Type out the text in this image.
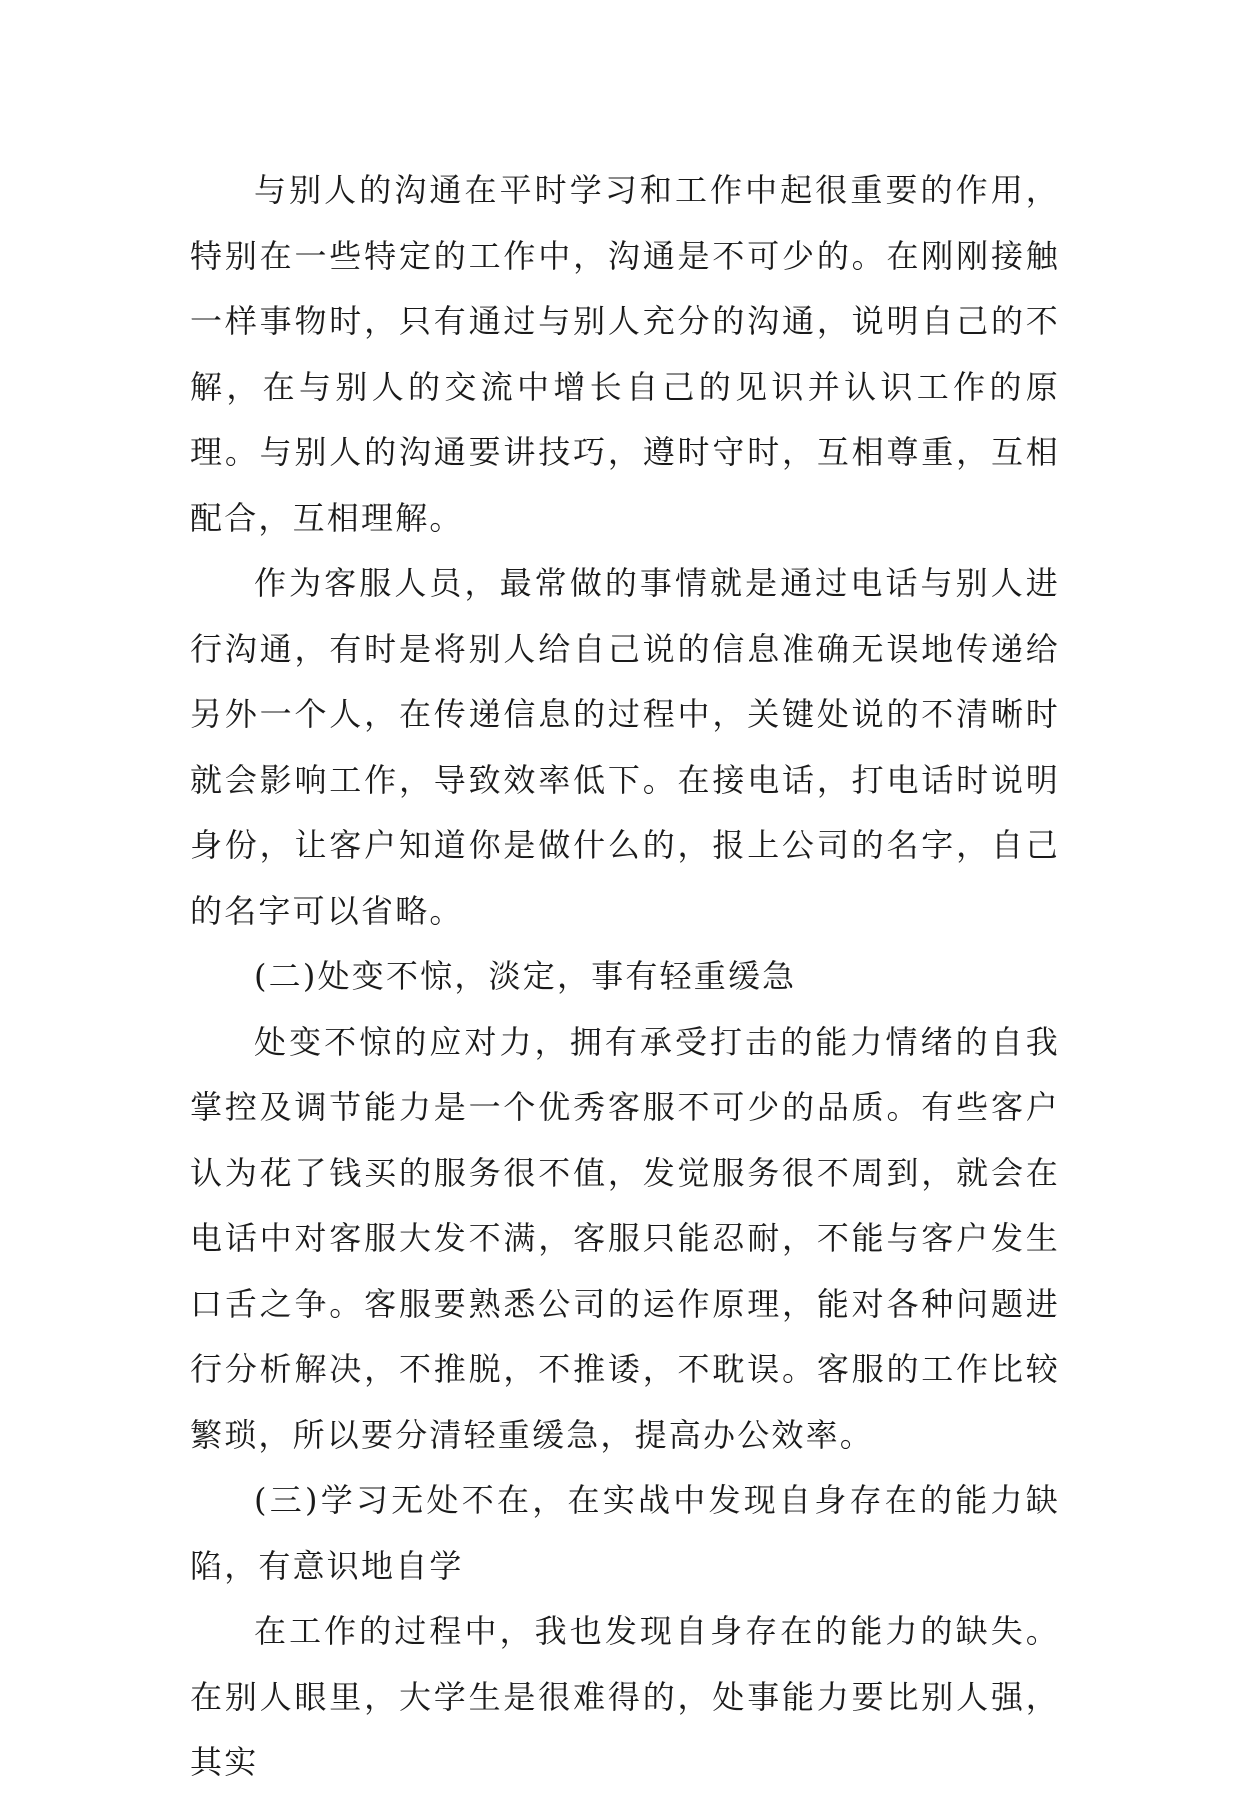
与别人的沟通在平时学习和工作中起很重要的作用，特别在一些特定的工作中，沟通是不可少的。在刚刚接触一样事物时，只有通过与别人充分的沟通，说明自己的不解，在与别人的交流中增长自己的见识并认识工作的原理。与别人的沟通要讲技巧，遵时守时，互相尊重，互相配合，互相理解。

作为客服人员，最常做的事情就是通过电话与别人进行沟通，有时是将别人给自己说的信息准确无误地传递给另外一个人，在传递信息的过程中，关键处说的不清晰时就会影响工作，导致效率低下。在接电话，打电话时说明身份，让客户知道你是做什么的，报上公司的名字，自己的名字可以省略。

(二)处变不惊，淡定，事有轻重缓急

处变不惊的应对力，拥有承受打击的能力情绪的自我掌控及调节能力是一个优秀客服不可少的品质。有些客户认为花了钱买的服务很不值，发觉服务很不周到，就会在电话中对客服大发不满，客服只能忍耐，不能与客户发生口舌之争。客服要熟悉公司的运作原理，能对各种问题进行分析解决，不推脱，不推诿，不耽误。客服的工作比较繁琐，所以要分清轻重缓急，提高办公效率。

(三)学习无处不在，在实战中发现自身存在的能力缺陷，有意识地自学

在工作的过程中，我也发现自身存在的能力的缺失。在别人眼里，大学生是很难得的，处事能力要比别人强，其实
